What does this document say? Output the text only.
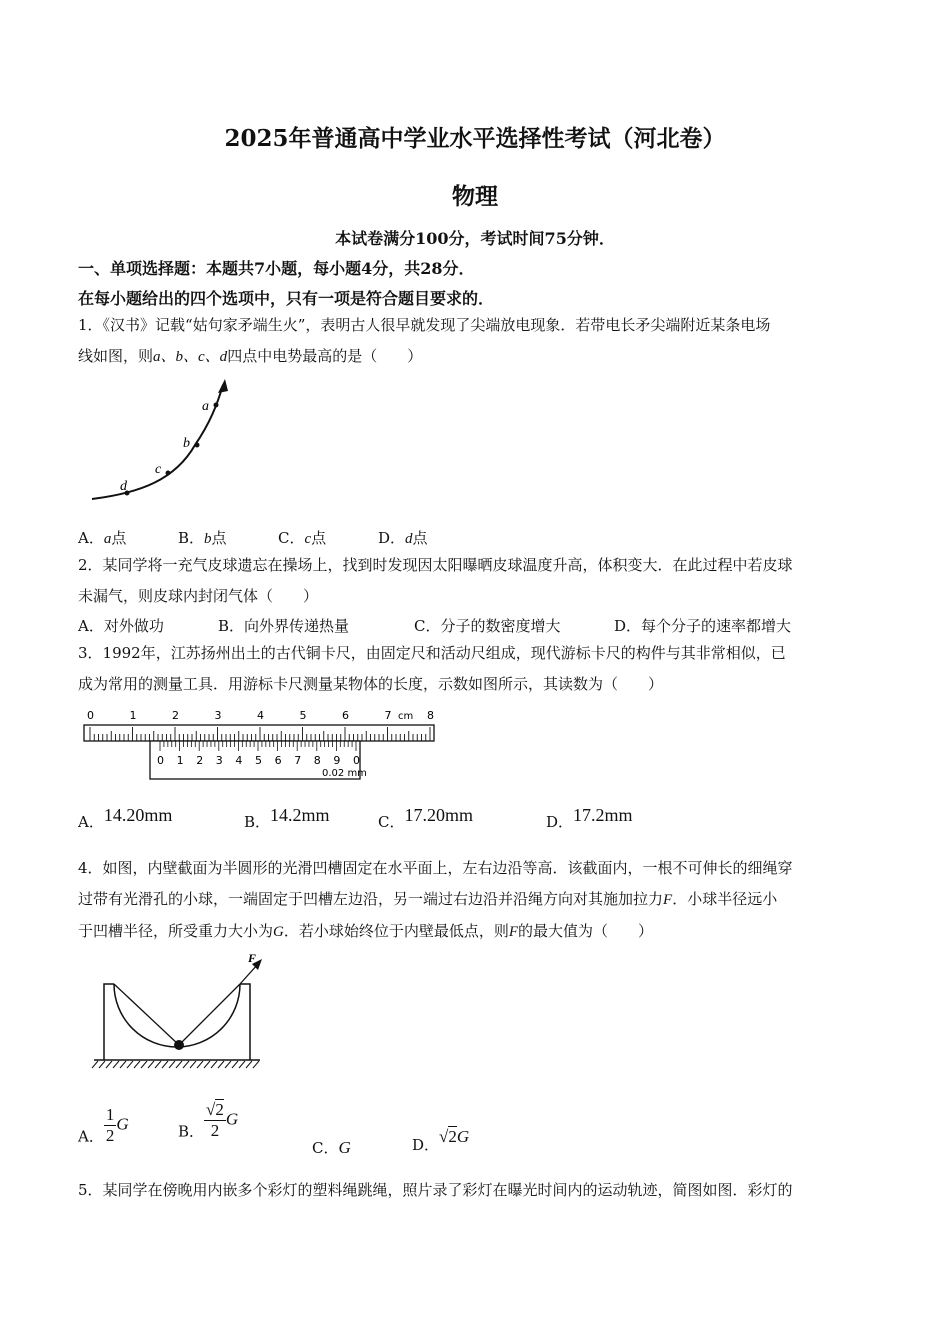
2025年普通高中学业水平选择性考试（河北卷）
物理
本试卷满分100分，考试时间75分钟．
一、单项选择题：本题共7小题，每小题4分，共28分．
在每小题给出的四个选项中，只有一项是符合题目要求的．
1．《汉书》记载“姑句家矛端生火”，表明古人很早就发现了尖端放电现象．若带电长矛尖端附近某条电场
线如图，则a、b、c、d四点中电势最高的是（　　）
a
b
c
d
A．a点	B．b点	C．c点	D．d点
2．某同学将一充气皮球遗忘在操场上，找到时发现因太阳曝晒皮球温度升高，体积变大．在此过程中若皮球
未漏气，则皮球内封闭气体（　　）
A．对外做功	B．向外界传递热量	C．分子的数密度增大	D．每个分子的速率都增大
3．1992年，江苏扬州出土的古代铜卡尺，由固定尺和活动尺组成，现代游标卡尺的构件与其非常相似，已
成为常用的测量工具．用游标卡尺测量某物体的长度，示数如图所示，其读数为（　　）
0	1	2	3	4	5	6	7	8
0 1 2 3 4 5 6 7 8 9 0
cm
0.02 mm
A．14.20mm	B．14.2mm	C．17.20mm	D．17.2mm
4．如图，内壁截面为半圆形的光滑凹槽固定在水平面上，左右边沿等高．该截面内，一根不可伸长的细绳穿
过带有光滑孔的小球，一端固定于凹槽左边沿，另一端过右边沿并沿绳方向对其施加拉力F．小球半径远小
于凹槽半径，所受重力大小为G．若小球始终位于内壁最低点，则F的最大值为（　　）
F
A． $\frac{1}{2}$ G	B． $\frac{√2}{2}$ G
C．G	D．√2G
5．某同学在傍晚用内嵌多个彩灯的塑料绳跳绳，照片录了彩灯在曝光时间内的运动轨迹，简图如图．彩灯的
